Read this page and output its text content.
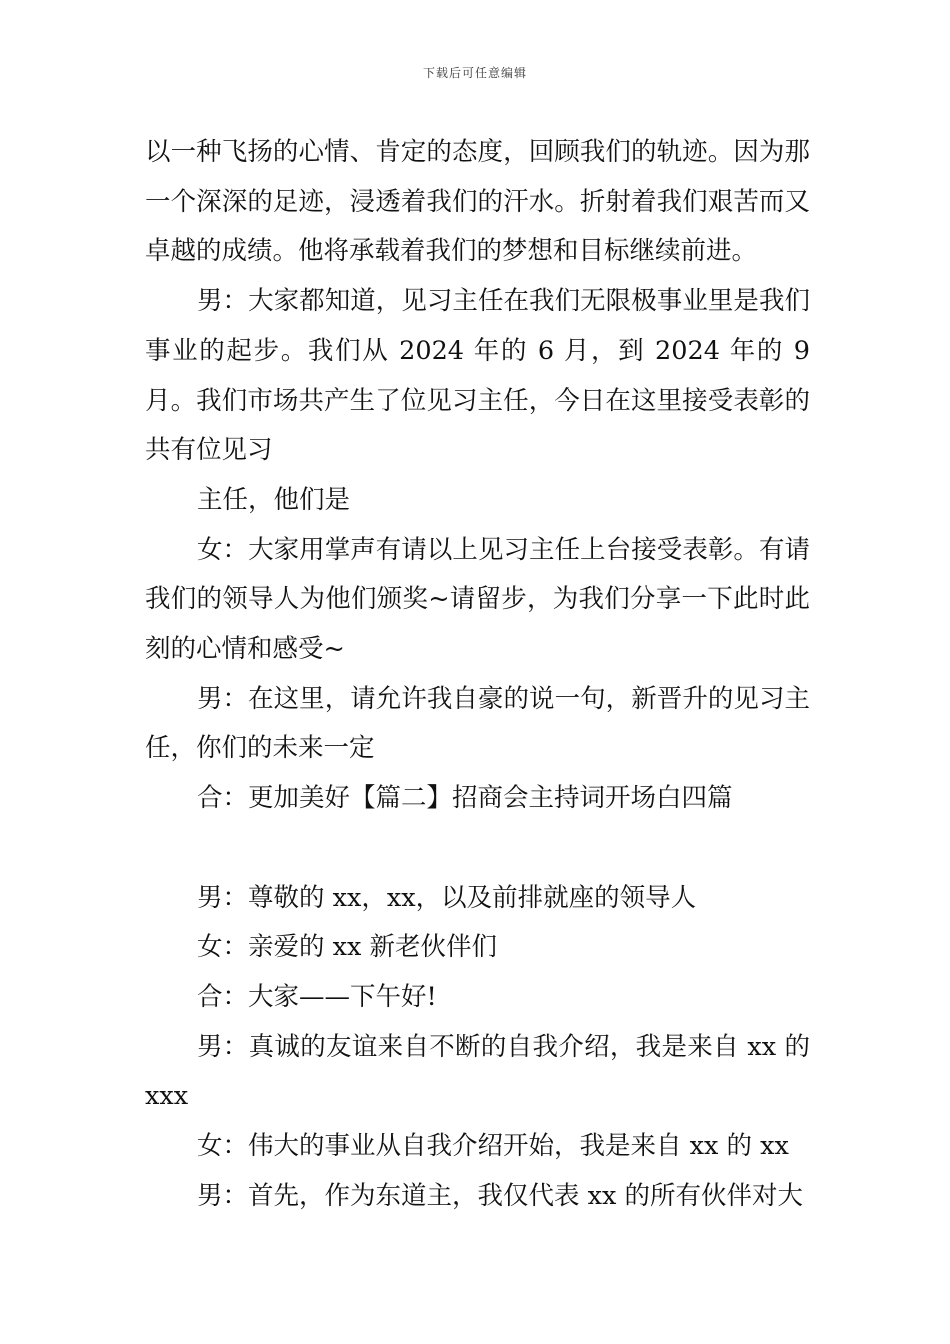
下载后可任意编辑

以一种飞扬的心情、肯定的态度，回顾我们的轨迹。因为那一个深深的足迹，浸透着我们的汗水。折射着我们艰苦而又卓越的成绩。他将承载着我们的梦想和目标继续前进。

男：大家都知道，见习主任在我们无限极事业里是我们事业的起步。我们从 2024 年的 6 月，到 2024 年的 9 月。我们市场共产生了位见习主任，今日在这里接受表彰的共有位见习

主任，他们是

女：大家用掌声有请以上见习主任上台接受表彰。有请我们的领导人为他们颁奖~请留步，为我们分享一下此时此刻的心情和感受~

男：在这里，请允许我自豪的说一句，新晋升的见习主任，你们的未来一定

合：更加美好【篇二】招商会主持词开场白四篇

男：尊敬的 xx，xx，以及前排就座的领导人

女：亲爱的 xx 新老伙伴们

合：大家——下午好!

男：真诚的友谊来自不断的自我介绍，我是来自 xx 的 xxx

女：伟大的事业从自我介绍开始，我是来自 xx 的 xx

男：首先，作为东道主，我仅代表 xx 的所有伙伴对大
